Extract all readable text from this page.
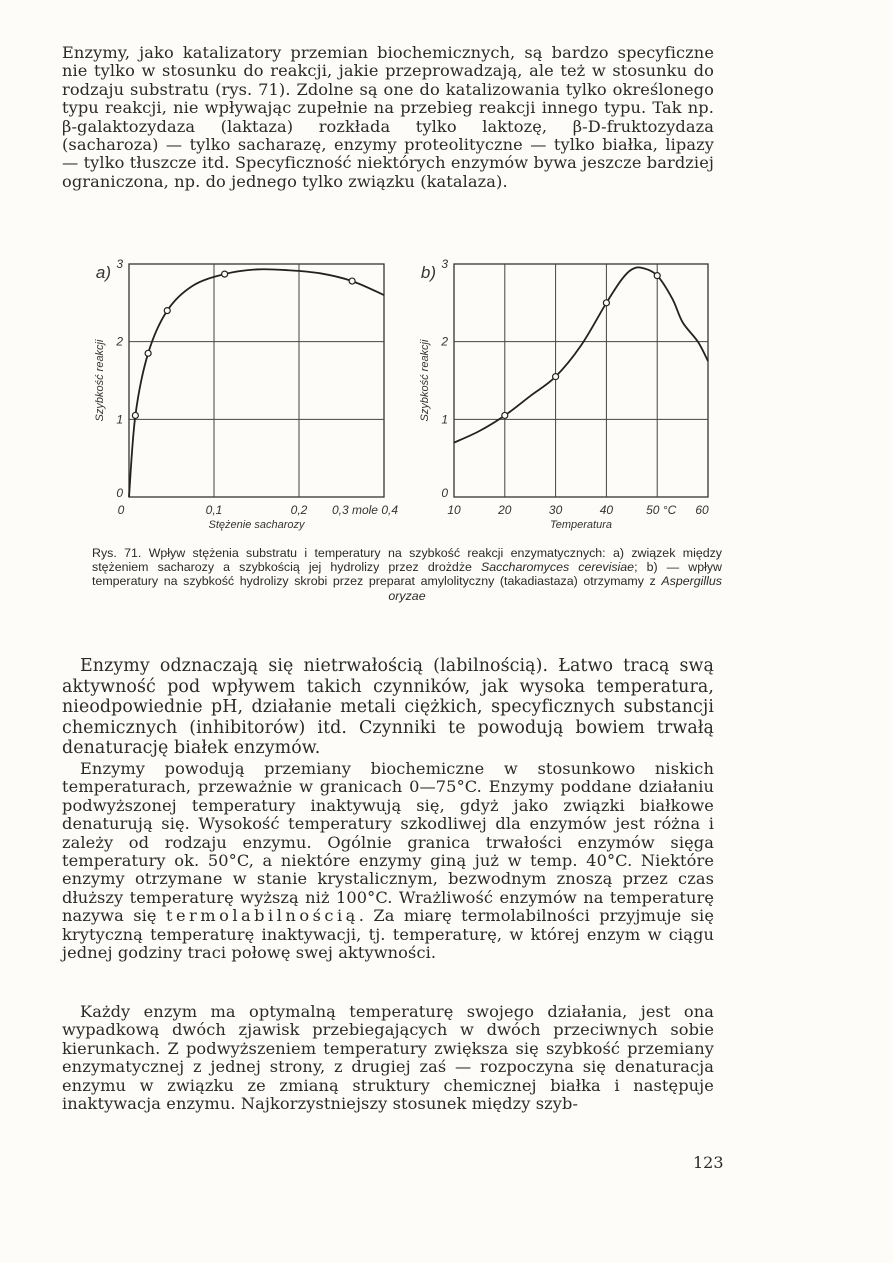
Enzymy, jako katalizatory przemian biochemicznych, są bardzo specyficzne nie tylko w stosunku do reakcji, jakie przeprowadzają, ale też w stosunku do rodzaju substratu (rys. 71). Zdolne są one do katalizowania tylko określonego typu reakcji, nie wpływając zupełnie na przebieg reakcji innego typu. Tak np. β-galaktozydaza (laktaza) rozkłada tylko laktozę, β-D-fruktozydaza (sacharoza) — tylko sacharazę, enzymy proteolityczne — tylko białka, lipazy — tylko tłuszcze itd. Specyficzność niektórych enzymów bywa jeszcze bardziej ograniczona, np. do jednego tylko związku (katalaza).

0
1
2
3
0	0,1	0,2 0,3 mole 0,4
a)
Szybkość reakcji
Stężenie sacharozy
0
1
2
3
10	20	30	40	50 °C 60
b)
Szybkość reakcji
Temperatura

Rys. 71. Wpływ stężenia substratu i temperatury na szybkość reakcji enzymatycznych: a) związek między stężeniem sacharozy a szybkością jej hydrolizy przez drożdże Saccharomyces cerevisiae; b) — wpływ temperatury na szybkość hydrolizy skrobi przez preparat amylolityczny (takadiastaza) otrzymamy z Aspergillus oryzae

Enzymy odznaczają się nietrwałością (labilnością). Łatwo tracą swą aktywność pod wpływem takich czynników, jak wysoka temperatura, nieodpowiednie pH, działanie metali ciężkich, specyficznych substancji chemicznych (inhibitorów) itd. Czynniki te powodują bowiem trwałą denaturację białek enzymów.

Enzymy powodują przemiany biochemiczne w stosunkowo niskich temperaturach, przeważnie w granicach 0—75°C. Enzymy poddane działaniu podwyższonej temperatury inaktywują się, gdyż jako związki białkowe denaturują się. Wysokość temperatury szkodliwej dla enzymów jest różna i zależy od rodzaju enzymu. Ogólnie granica trwałości enzymów sięga temperatury ok. 50°C, a niektóre enzymy giną już w temp. 40°C. Niektóre enzymy otrzymane w stanie krystalicznym, bezwodnym znoszą przez czas dłuższy temperaturę wyższą niż 100°C. Wrażliwość enzymów na temperaturę nazywa się termolabilnością. Za miarę termolabilności przyjmuje się krytyczną temperaturę inaktywacji, tj. temperaturę, w której enzym w ciągu jednej godziny traci połowę swej aktywności.

Każdy enzym ma optymalną temperaturę swojego działania, jest ona wypadkową dwóch zjawisk przebiegających w dwóch przeciwnych sobie kierunkach. Z podwyższeniem temperatury zwiększa się szybkość przemiany enzymatycznej z jednej strony, z drugiej zaś — rozpoczyna się denaturacja enzymu w związku ze zmianą struktury chemicznej białka i następuje inaktywacja enzymu. Najkorzystniejszy stosunek między szyb-

123
